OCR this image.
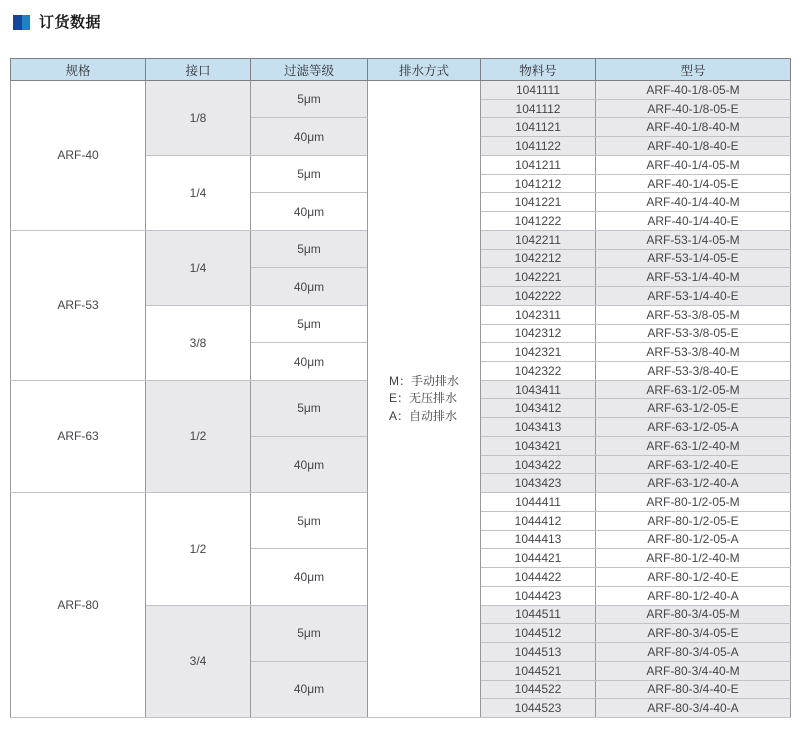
订货数据
规格	接口	过滤等级	排水方式	物料号	型号
ARF-40	1/8	5μm	M：手动排水
E：无压排水
A：自动排水	1041111	ARF-40-1/8-05-M
				1041112	ARF-40-1/8-05-E
		40μm		1041121	ARF-40-1/8-40-M
				1041122	ARF-40-1/8-40-E
	1/4	5μm		1041211	ARF-40-1/4-05-M
				1041212	ARF-40-1/4-05-E
		40μm		1041221	ARF-40-1/4-40-M
				1041222	ARF-40-1/4-40-E
ARF-53	1/4	5μm		1042211	ARF-53-1/4-05-M
				1042212	ARF-53-1/4-05-E
		40μm		1042221	ARF-53-1/4-40-M
				1042222	ARF-53-1/4-40-E
	3/8	5μm		1042311	ARF-53-3/8-05-M
				1042312	ARF-53-3/8-05-E
		40μm		1042321	ARF-53-3/8-40-M
				1042322	ARF-53-3/8-40-E
ARF-63	1/2	5μm		1043411	ARF-63-1/2-05-M
				1043412	ARF-63-1/2-05-E
				1043413	ARF-63-1/2-05-A
		40μm		1043421	ARF-63-1/2-40-M
				1043422	ARF-63-1/2-40-E
				1043423	ARF-63-1/2-40-A
ARF-80	1/2	5μm		1044411	ARF-80-1/2-05-M
				1044412	ARF-80-1/2-05-E
				1044413	ARF-80-1/2-05-A
		40μm		1044421	ARF-80-1/2-40-M
				1044422	ARF-80-1/2-40-E
				1044423	ARF-80-1/2-40-A
	3/4	5μm		1044511	ARF-80-3/4-05-M
				1044512	ARF-80-3/4-05-E
				1044513	ARF-80-3/4-05-A
		40μm		1044521	ARF-80-3/4-40-M
				1044522	ARF-80-3/4-40-E
				1044523	ARF-80-3/4-40-A
